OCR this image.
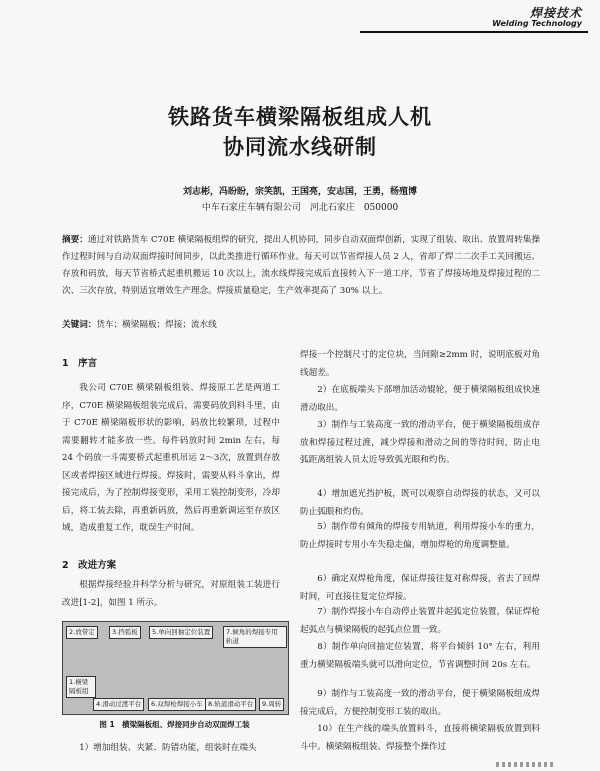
焊接技术
Welding Technology
铁路货车横梁隔板组成人机
协同流水线研制
刘志彬，冯盼盼，宗笑凯，王国亮，安志国，王勇，杨殖博
中车石家庄车辆有限公司　河北石家庄　050000
摘要：通过对铁路货车 C70E 横梁隔板组焊的研究，提出人机协同，同步自动双面焊创新，实现了组装、取出、放置周转集操作过程时间与自动双面焊接时间同步，以此类推进行循环作业。每天可以节省焊接人员 2 人，省却了焊二二次手工关回搬运、存放和码放，每天节省桥式起重机搬运 10 次以上，流水线焊接完成后直接转入下一道工序，节省了焊接场地及焊接过程的二次、三次存放，特别适宜增效生产理念。焊接质量稳定，生产效率提高了 30% 以上。
关键词：货车；横梁隔板；焊接；流水线
1　序言
我公司 C70E 横梁隔板组装、焊接原工艺是两道工序，C70E 横梁隔板组装完成后，需要码放到料斗里，由于 C70E 横梁隔板形状的影响，码放比较繁琐，过程中需要翻转才能多放一些。每件码放时间 2min 左右，每 24 个码放一斗需要桥式起重机吊运 2～3次，放置到存放区或者焊接区域进行焊接。焊接时，需要从料斗拿出，焊接完成后，为了控制焊接变形，采用工装控制变形，冷却后，将工装去除，再重新码放，然后再重新调运至存放区域，造成重复工作，耽误生产时间。
2　改进方案
根据焊接经验并科学分析与研究，对原组装工装进行改进[1-2]，如图 1 所示。
2.放带定	3.挡弧板	5.单向回抽定位装置	7.倾角的焊接专用轨道
1.横梁隔板组
4.滑动过渡平台	6.双焊枪焊接小车 8.轨道滑动平台	9.周转
图 1　横梁隔板组、焊接同步自动双面焊工装
1）增加组装、夹紧、防错功能，组装时在端头
焊接一个控制尺寸的定位块，当间隙≥2mm 时，说明底板对角线超差。
2）在底板端头下部增加活动辊轮，便于横梁隔板组成快速滑动取出。
3）制作与工装高度一致的滑动平台，便于横梁隔板组成存放和焊接过程过渡，减少焊接和滑动之间的等待时间，防止电弧距离组装人员太近导致弧光眼和灼伤。
4）增加遮光挡护板，既可以观察自动焊接的状态，又可以防止弧眼和灼伤。
5）制作带有倾角的焊接专用轨道，利用焊接小车的重力，防止焊接时专用小车失稳走偏，增加焊枪的角度调整量。
6）确定双焊枪角度，保证焊接往复对称焊接，省去了回焊时间，可直接往复定位焊接。
7）制作焊接小车自动停止装置并起弧定位装置，保证焊枪起弧点与横梁隔板的起弧点位置一致。
8）制作单向回抽定位装置，将平台倾斜 10° 左右，利用重力横梁隔板端头就可以滑向定位，节省调整时间 20s 左右。
9）制作与工装高度一致的滑动平台，便于横梁隔板组成焊接完成后，方便控制变形工装的取出。
10）在生产线的端头放置料斗，直接将横梁隔板放置到料斗中。横梁隔板组装、焊接整个操作过
